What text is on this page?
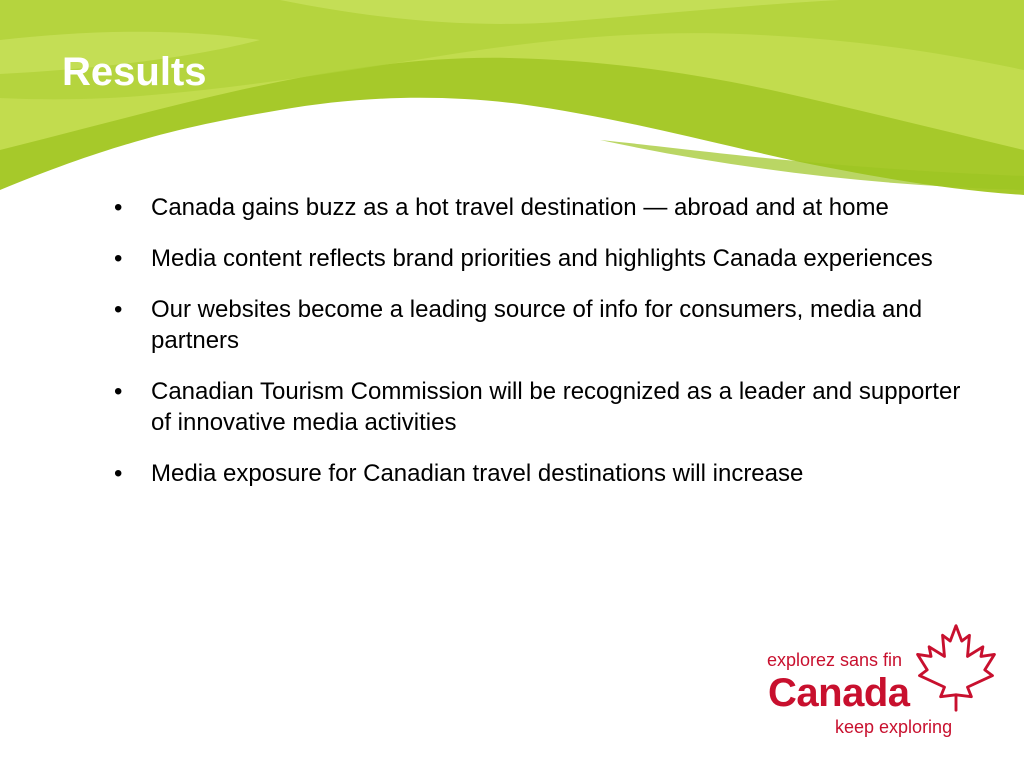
Results
• Canada gains buzz as a hot travel destination — abroad and at home
• Media content reflects brand priorities and highlights Canada experiences
• Our websites become a leading source of info for consumers, media and partners
• Canadian Tourism Commission will be recognized as a leader and supporter of innovative media activities
• Media exposure for Canadian travel destinations will increase

explorez sans fin

Canada

keep exploring
